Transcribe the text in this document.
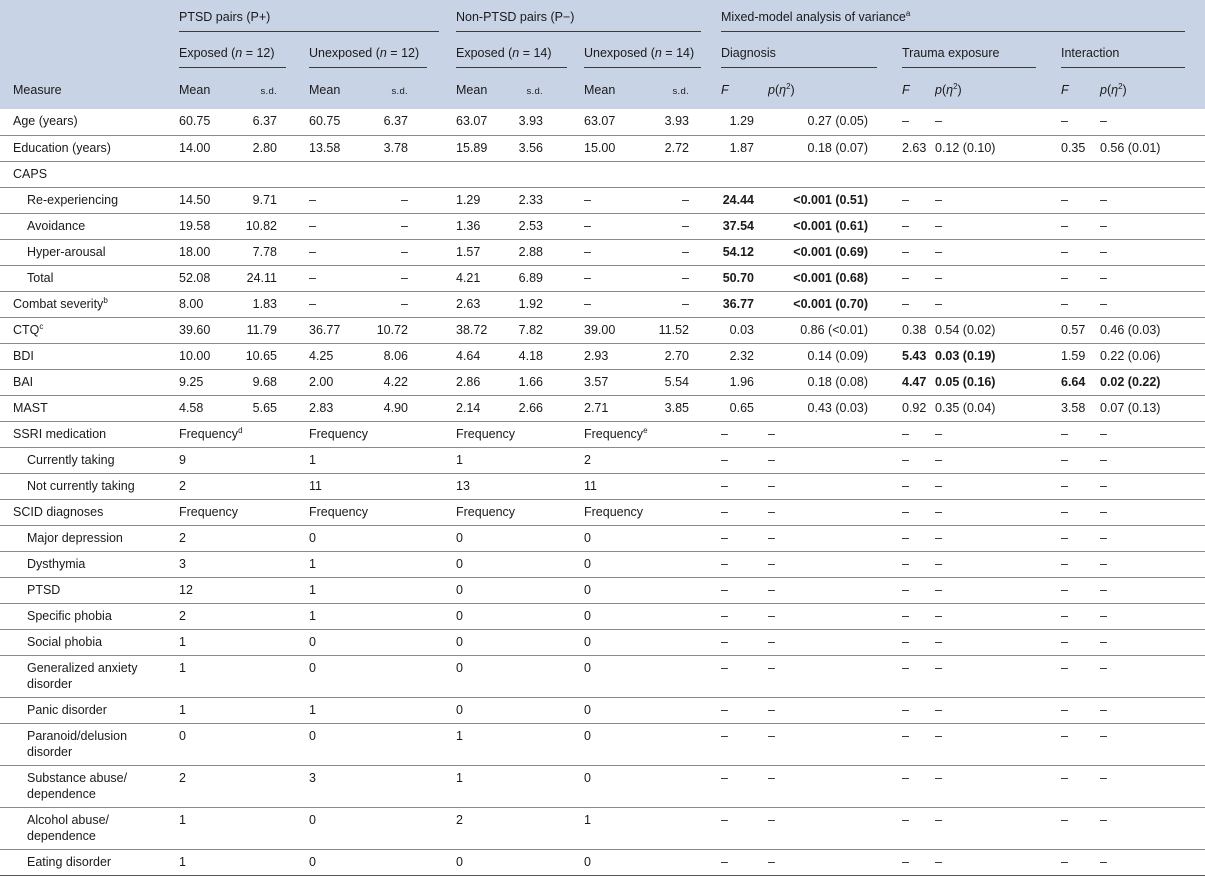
	PTSD pairs (P+)				Non-PTSD pairs (P−)				Mixed-model analysis of variance$^a$
	Exposed (n = 12)		Unexposed (n = 12)		Exposed (n = 14)		Unexposed (n = 14)		Diagnosis		Trauma exposure		Interaction	
Measure	Mean	s.d.	Mean	s.d.	Mean	s.d.	Mean	s.d.	F	$p(\eta^2)$	F	$p(\eta^2)$	F	$p(\eta^2)$
Age (years)	60.75	6.37	60.75	6.37	63.07	3.93	63.07	3.93	1.29	0.27 (0.05)	–	–	–	–
Education (years)	14.00	2.80	13.58	3.78	15.89	3.56	15.00	2.72	1.87	0.18 (0.07)	2.63	0.12 (0.10)	0.35	0.56 (0.01)
CAPS														
Re-experiencing	14.50	9.71	–	–	1.29	2.33	–	–	24.44	<0.001 (0.51)	–	–	–	–
Avoidance	19.58	10.82	–	–	1.36	2.53	–	–	37.54	<0.001 (0.61)	–	–	–	–
Hyper-arousal	18.00	7.78	–	–	1.57	2.88	–	–	54.12	<0.001 (0.69)	–	–	–	–
Total	52.08	24.11	–	–	4.21	6.89	–	–	50.70	<0.001 (0.68)	–	–	–	–
Combat severity$^b$	8.00	1.83	–	–	2.63	1.92	–	–	36.77	<0.001 (0.70)	–	–	–	–
CTQ$^c$	39.60	11.79	36.77	10.72	38.72	7.82	39.00	11.52	0.03	0.86 (<0.01)	0.38	0.54 (0.02)	0.57	0.46 (0.03)
BDI	10.00	10.65	4.25	8.06	4.64	4.18	2.93	2.70	2.32	0.14 (0.09)	5.43	0.03 (0.19)	1.59	0.22 (0.06)
BAI	9.25	9.68	2.00	4.22	2.86	1.66	3.57	5.54	1.96	0.18 (0.08)	4.47	0.05 (0.16)	6.64	0.02 (0.22)
MAST	4.58	5.65	2.83	4.90	2.14	2.66	2.71	3.85	0.65	0.43 (0.03)	0.92	0.35 (0.04)	3.58	0.07 (0.13)
SSRI medication	Frequency$^d$		Frequency		Frequency		Frequency$^e$		–	–	–	–	–	–
Currently taking	9		1		1		2		–	–	–	–	–	–
Not currently taking	2		11		13		11		–	–	–	–	–	–
SCID diagnoses	Frequency		Frequency		Frequency		Frequency		–	–	–	–	–	–
Major depression	2		0		0		0		–	–	–	–	–	–
Dysthymia	3		1		0		0		–	–	–	–	–	–
PTSD	12		1		0		0		–	–	–	–	–	–
Specific phobia	2		1		0		0		–	–	–	–	–	–
Social phobia	1		0		0		0		–	–	–	–	–	–
Generalized anxiety
disorder	1		0		0		0		–	–	–	–	–	–
Panic disorder	1		1		0		0		–	–	–	–	–	–
Paranoid/delusion
disorder	0		0		1		0		–	–	–	–	–	–
Substance abuse/
dependence	2		3		1		0		–	–	–	–	–	–
Alcohol abuse/
dependence	1		0		2		1		–	–	–	–	–	–
Eating disorder	1		0		0		0		–	–	–	–	–	–
